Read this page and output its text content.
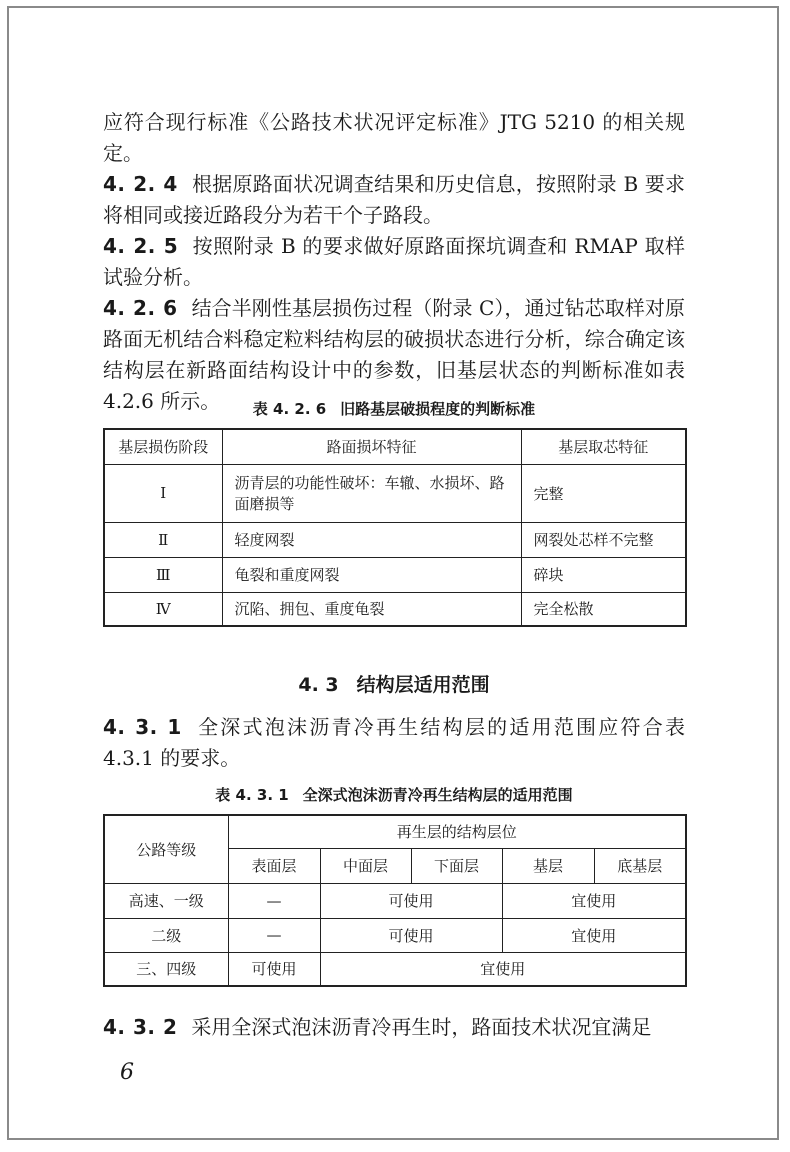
应符合现行标准《公路技术状况评定标准》JTG 5210 的相关规定。

4. 2. 4 根据原路面状况调查结果和历史信息，按照附录 B 要求将相同或接近路段分为若干个子路段。

4. 2. 5 按照附录 B 的要求做好原路面探坑调查和 RMAP 取样试验分析。

4. 2. 6 结合半刚性基层损伤过程（附录 C），通过钻芯取样对原路面无机结合料稳定粒料结构层的破损状态进行分析，综合确定该结构层在新路面结构设计中的参数，旧基层状态的判断标准如表 4.2.6 所示。	表 4. 2. 6 旧路基层破损程度的判断标准

基层损伤阶段	路面损坏特征	基层取芯特征
Ⅰ	沥青层的功能性破坏：车辙、水损坏、路面磨损等	完整
Ⅱ	轻度网裂	网裂处芯样不完整
Ⅲ	龟裂和重度网裂	碎块
Ⅳ	沉陷、拥包、重度龟裂	完全松散

4. 3 结构层适用范围

4. 3. 1 全深式泡沫沥青冷再生结构层的适用范围应符合表 4.3.1 的要求。

表 4. 3. 1 全深式泡沫沥青冷再生结构层的适用范围

公路等级	再生层的结构层位				
	表面层	中面层	下面层	基层	底基层
高速、一级	—	可使用		宜使用	
二级	—	可使用		宜使用	
三、四级	可使用	宜使用			

4. 3. 2 采用全深式泡沫沥青冷再生时，路面技术状况宜满足

6
